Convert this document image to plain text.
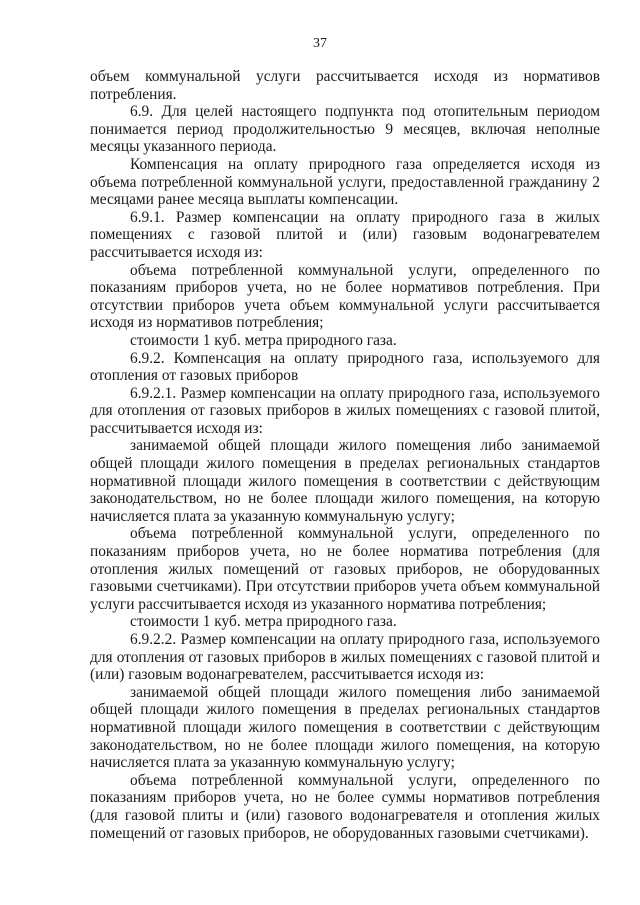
37

объем коммунальной услуги рассчитывается исходя из нормативов потребления.

6.9. Для целей настоящего подпункта под отопительным периодом понимается период продолжительностью 9 месяцев, включая неполные месяцы указанного периода.

Компенсация на оплату природного газа определяется исходя из объема потребленной коммунальной услуги, предоставленной гражданину 2 месяцами ранее месяца выплаты компенсации.

6.9.1. Размер компенсации на оплату природного газа в жилых помещениях с газовой плитой и (или) газовым водонагревателем рассчитывается исходя из:

объема потребленной коммунальной услуги, определенного по показаниям приборов учета, но не более нормативов потребления. При отсутствии приборов учета объем коммунальной услуги рассчитывается исходя из нормативов потребления;

стоимости 1 куб. метра природного газа.

6.9.2. Компенсация на оплату природного газа, используемого для отопления от газовых приборов

6.9.2.1. Размер компенсации на оплату природного газа, используемого для отопления от газовых приборов в жилых помещениях с газовой плитой, рассчитывается исходя из:

занимаемой общей площади жилого помещения либо занимаемой общей площади жилого помещения в пределах региональных стандартов нормативной площади жилого помещения в соответствии с действующим законодательством, но не более площади жилого помещения, на которую начисляется плата за указанную коммунальную услугу;

объема потребленной коммунальной услуги, определенного по показаниям приборов учета, но не более норматива потребления (для отопления жилых помещений от газовых приборов, не оборудованных газовыми счетчиками). При отсутствии приборов учета объем коммунальной услуги рассчитывается исходя из указанного норматива потребления;

стоимости 1 куб. метра природного газа.

6.9.2.2. Размер компенсации на оплату природного газа, используемого для отопления от газовых приборов в жилых помещениях с газовой плитой и (или) газовым водонагревателем, рассчитывается исходя из:

занимаемой общей площади жилого помещения либо занимаемой общей площади жилого помещения в пределах региональных стандартов нормативной площади жилого помещения в соответствии с действующим законодательством, но не более площади жилого помещения, на которую начисляется плата за указанную коммунальную услугу;

объема потребленной коммунальной услуги, определенного по показаниям приборов учета, но не более суммы нормативов потребления (для газовой плиты и (или) газового водонагревателя и отопления жилых помещений от газовых приборов, не оборудованных газовыми счетчиками).
